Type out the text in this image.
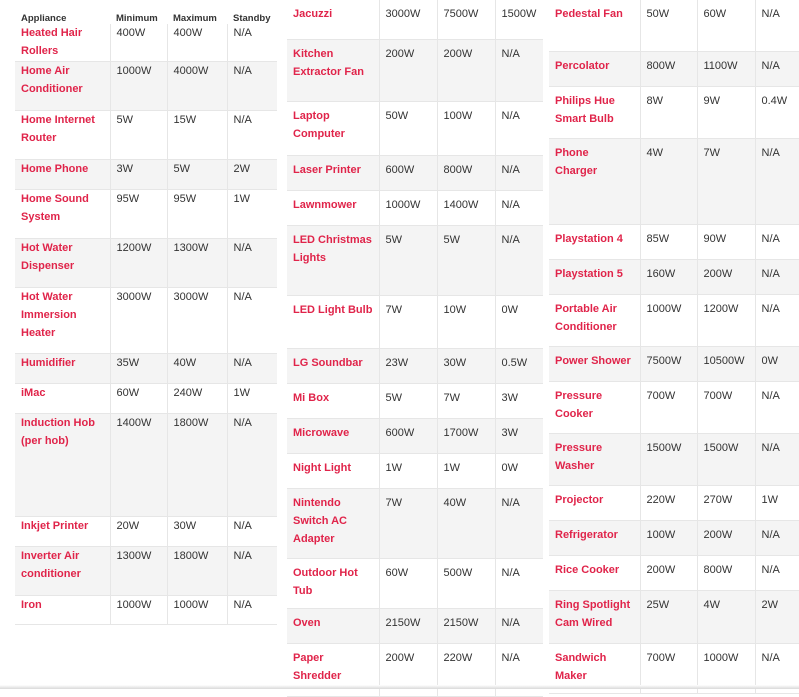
Appliance	Minimum	Maximum	Standby
Heated Hair Rollers	400W	400W	N/A
Home Air Conditioner	1000W	4000W	N/A
Home Internet Router	5W	15W	N/A
Home Phone	3W	5W	2W
Home Sound System	95W	95W	1W
Hot Water Dispenser	1200W	1300W	N/A
Hot Water Immersion Heater	3000W	3000W	N/A
Humidifier	35W	40W	N/A
iMac	60W	240W	1W
Induction Hob (per hob)	1400W	1800W	N/A
Inkjet Printer	20W	30W	N/A
Inverter Air conditioner	1300W	1800W	N/A
Iron	1000W	1000W	N/A
Jacuzzi	3000W	7500W	1500W
Kitchen Extractor Fan	200W	200W	N/A
Laptop Computer	50W	100W	N/A
Laser Printer	600W	800W	N/A
Lawnmower	1000W	1400W	N/A
LED Christmas Lights	5W	5W	N/A
LED Light Bulb	7W	10W	0W
LG Soundbar	23W	30W	0.5W
Mi Box	5W	7W	3W
Microwave	600W	1700W	3W
Night Light	1W	1W	0W
Nintendo Switch AC Adapter	7W	40W	N/A
Outdoor Hot Tub	60W	500W	N/A
Oven	2150W	2150W	N/A
Paper Shredder	200W	220W	N/A
Pedestal Fan	50W	60W	N/A
Percolator	800W	1100W	N/A
Philips Hue Smart Bulb	8W	9W	0.4W
Phone Charger	4W	7W	N/A
Playstation 4	85W	90W	N/A
Playstation 5	160W	200W	N/A
Portable Air Conditioner	1000W	1200W	N/A
Power Shower	7500W	10500W	0W
Pressure Cooker	700W	700W	N/A
Pressure Washer	1500W	1500W	N/A
Projector	220W	270W	1W
Refrigerator	100W	200W	N/A
Rice Cooker	200W	800W	N/A
Ring Spotlight Cam Wired	25W	4W	2W
Sandwich Maker	700W	1000W	N/A
